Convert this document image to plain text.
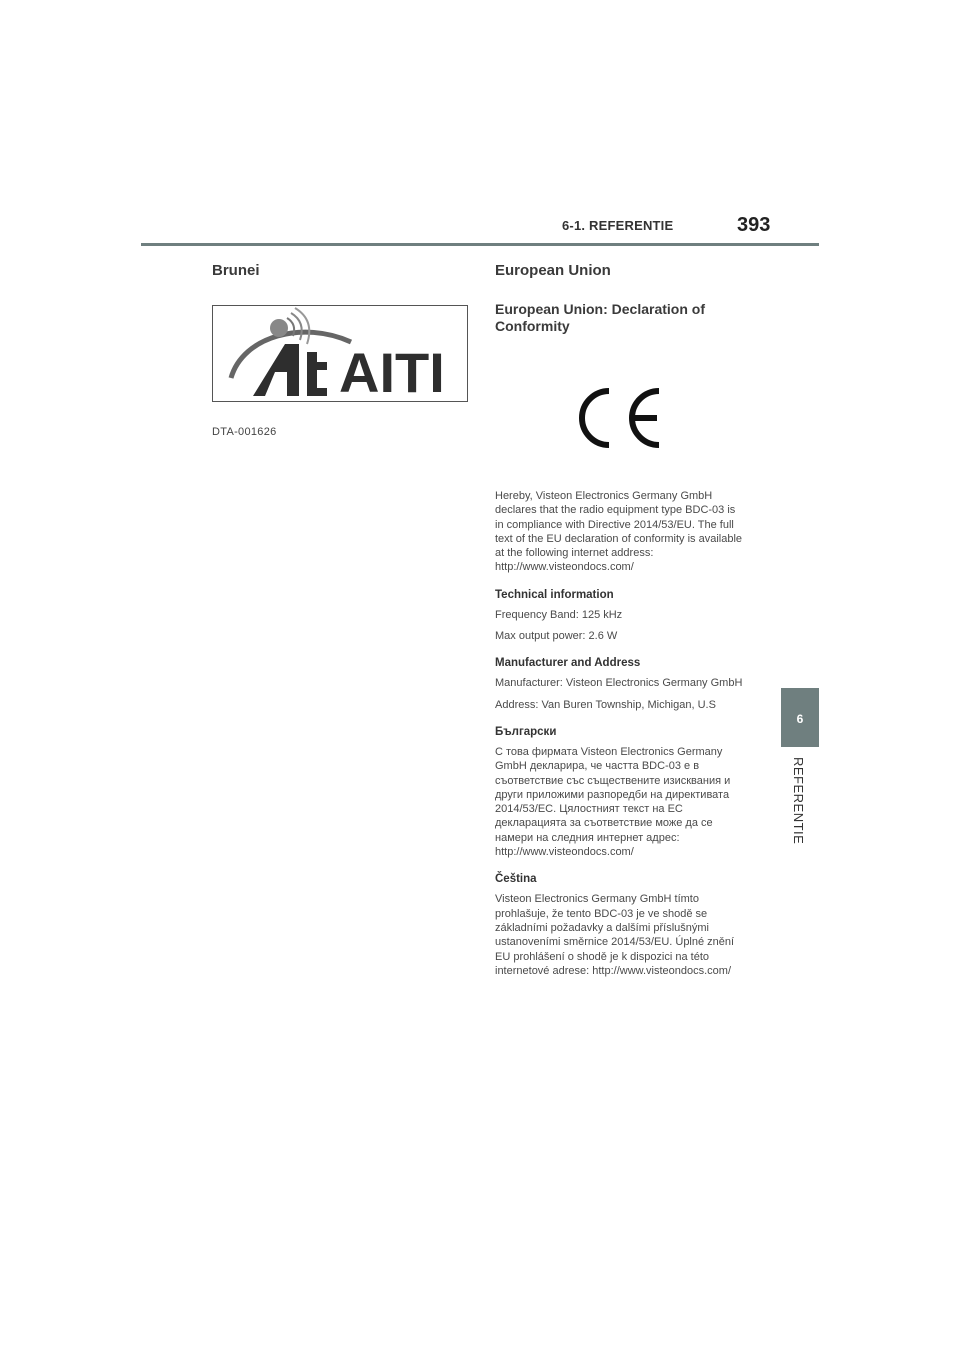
6-1. REFERENTIE	393
6
REFERENTIE
Brunei
AITI
DTA-001626
European Union
European Union: Declaration of Conformity

Hereby, Visteon Electronics Germany GmbH declares that the radio equipment type BDC-03 is in compliance with Directive 2014/53/EU. The full text of the EU declaration of conformity is available at the following internet address: http://www.visteondocs.com/

Technical information

Frequency Band: 125 kHz

Max output power: 2.6 W

Manufacturer and Address

Manufacturer: Visteon Electronics Germany GmbH

Address: Van Buren Township, Michigan, U.S

Български

С това фирмата Visteon Electronics Germany GmbH декларира, че частта BDC-03 е в съответствие със съществените изисквания и други приложими разпоредби на директивата 2014/53/EC. Цялостният текст на ЕС декларацията за съответствие може да се намери на следния интернет адрес: http://www.visteondocs.com/

Čeština

Visteon Electronics Germany GmbH tímto prohlašuje, že tento BDC-03 je ve shodě se základními požadavky a dalšími příslušnými ustanoveními směrnice 2014/53/EU. Úplné znění EU prohlášení o shodě je k dispozici na této internetové adrese: http://www.visteondocs.com/
